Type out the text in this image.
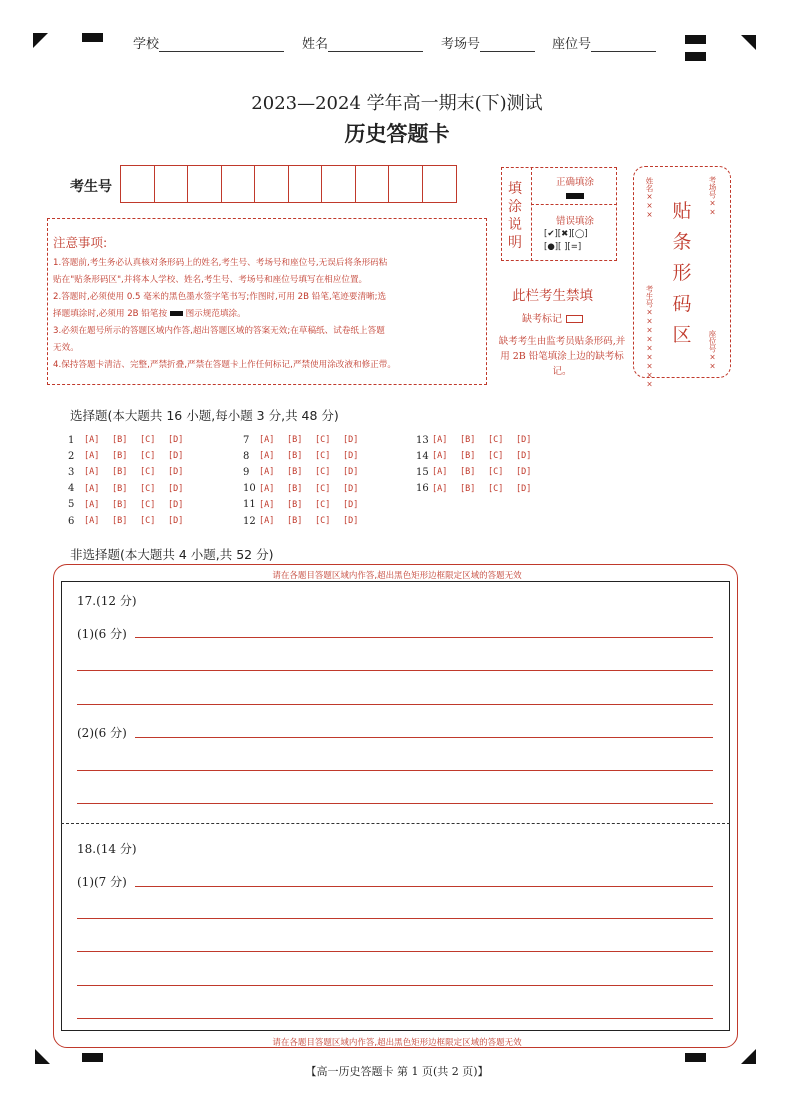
学校	姓名	考场号	座位号
2023—2024 学年高一期末(下)测试
历史答题卡
考生号
注意事项:

1.答题前,考生务必认真核对条形码上的姓名,考生号、考场号和座位号,无误后将条形码粘

贴在"贴条形码区",并将本人学校、姓名,考生号、考场号和座位号填写在相应位置。

2.答题时,必须使用 0.5 毫米的黑色墨水签字笔书写;作图时,可用 2B 铅笔,笔迹要清晰;选

择题填涂时,必须用 2B 铅笔按 图示规范填涂。

3.必须在题号所示的答题区域内作答,超出答题区域的答案无效;在草稿纸、试卷纸上答题

无效。

4.保持答题卡清洁、完整,严禁折叠,严禁在答题卡上作任何标记,严禁使用涂改液和修正带。

填涂说明
正确填涂
错误填涂
[✔][✖][◯]
[●][ ][=]
此栏考生禁填
缺考标记
缺考考生由监考员贴条形码,并用 2B 铅笔填涂上边的缺考标记。
姓名×××	考场号××
考生号×××××××××	座位号××
贴条形码区
选择题(本大题共 16 小题,每小题 3 分,共 48 分)
1	[A]	[B]	[C]	[D]
2	[A]	[B]	[C]	[D]
3	[A]	[B]	[C]	[D]
4	[A]	[B]	[C]	[D]
5	[A]	[B]	[C]	[D]
6	[A]	[B]	[C]	[D]
7	[A]	[B]	[C]	[D]
8	[A]	[B]	[C]	[D]
9	[A]	[B]	[C]	[D]
10 [A]	[B]	[C]	[D]
11 [A]	[B]	[C]	[D]
12 [A]	[B]	[C]	[D]
13 [A]	[B]	[C]	[D]
14 [A]	[B]	[C]	[D]
15 [A]	[B]	[C]	[D]
16 [A]	[B]	[C]	[D]
非选择题(本大题共 4 小题,共 52 分)
请在各题目答题区域内作答,超出黑色矩形边框限定区域的答题无效
请在各题目答题区域内作答,超出黑色矩形边框限定区域的答题无效
17.(12 分)
(1)(6 分)
(2)(6 分)
18.(14 分)
(1)(7 分)
【高一历史答题卡 第 1 页(共 2 页)】
